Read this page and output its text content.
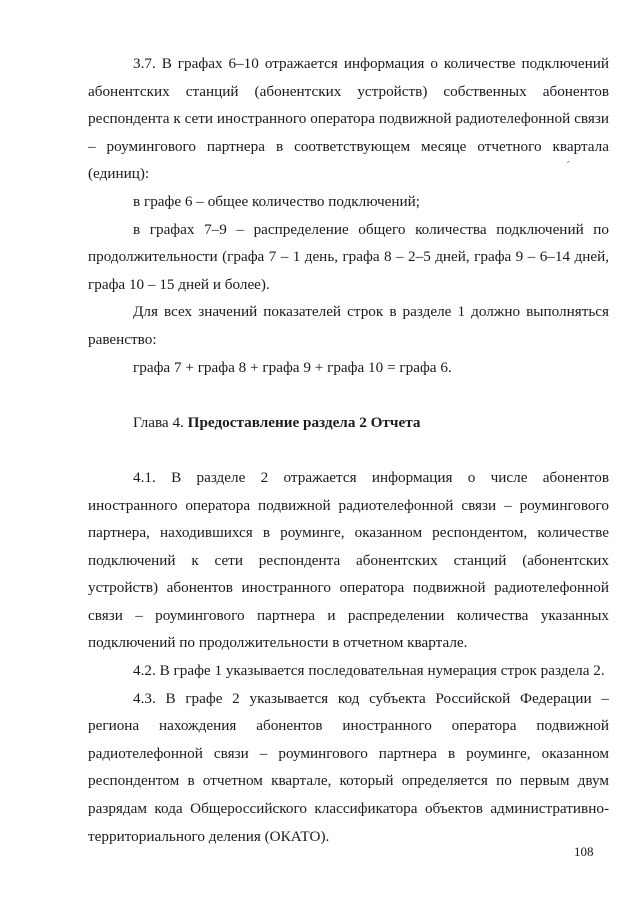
3.7. В графах 6–10 отражается информация о количестве подключений абонентских станций (абонентских устройств) собственных абонентов респондента к сети иностранного оператора подвижной радиотелефонной связи – роумингового партнера в соответствующем месяце отчетного квартала (единиц):

в графе 6 – общее количество подключений;

в графах 7–9 – распределение общего количества подключений по продолжительности (графа 7 – 1 день, графа 8 – 2–5 дней, графа 9 – 6–14 дней, графа 10 – 15 дней и более).

Для всех значений показателей строк в разделе 1 должно выполняться равенство:

графа 7 + графа 8 + графа 9 + графа 10 = графа 6.

Глава 4. Предоставление раздела 2 Отчета

4.1. В разделе 2 отражается информация о числе абонентов иностранного оператора подвижной радиотелефонной связи – роумингового партнера, находившихся в роуминге, оказанном респондентом, количестве подключений к сети респондента абонентских станций (абонентских устройств) абонентов иностранного оператора подвижной радиотелефонной связи – роумингового партнера и распределении количества указанных подключений по продолжительности в отчетном квартале.

4.2. В графе 1 указывается последовательная нумерация строк раздела 2.

4.3. В графе 2 указывается код субъекта Российской Федерации – региона нахождения абонентов иностранного оператора подвижной радиотелефонной связи – роумингового партнера в роуминге, оказанном респондентом в отчетном квартале, который определяется по первым двум разрядам кода Общероссийского классификатора объектов административно-территориального деления (ОКАТО).

´
108
